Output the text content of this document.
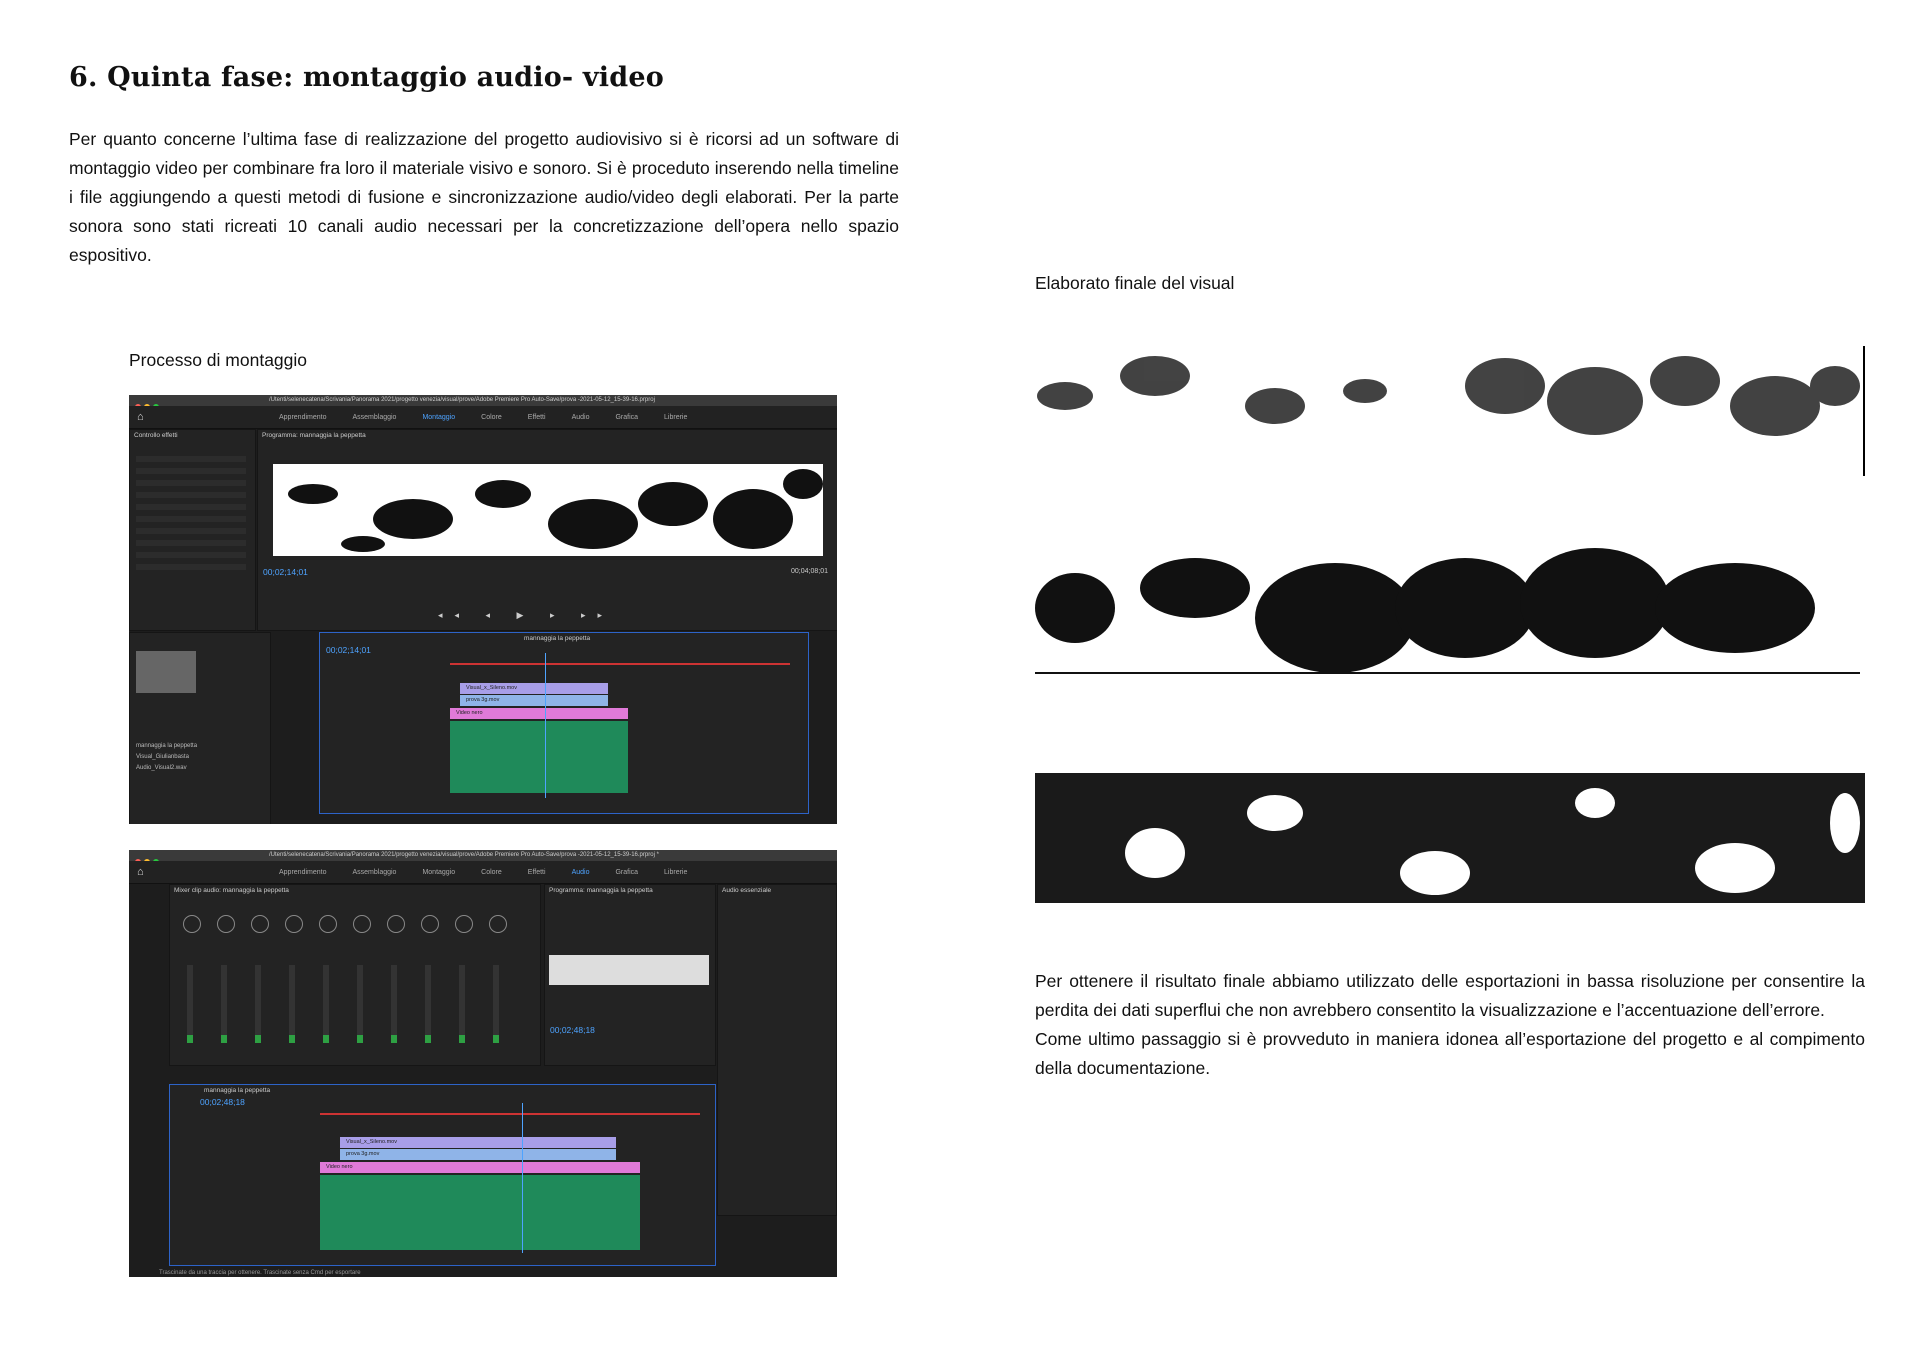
6. Quinta fase: montaggio audio- video
Per quanto concerne l’ultima fase di realizzazione del progetto audiovisivo si è ricorsi ad un software di montaggio video per combinare fra loro il materiale visivo e sonoro. Si è proceduto inserendo nella timeline i file aggiungendo a questi metodi di fusione e sincronizzazione audio/video degli elaborati. Per la parte sonora sono stati ricreati 10 canali audio necessari per la concretizzazione dell’opera nello spazio espositivo.
Processo di montaggio
Elaborato finale del visual
/Utenti/selenecatena/Scrivania/Panorama 2021/progetto venezia/visual/prove/Adobe Premiere Pro Auto-Save/prova -2021-05-12_15-39-16.prproj
⌂	Apprendimento	Assemblaggio	Montaggio	Colore	Effetti	Audio	Grafica	Librerie
Controllo effetti	Programma: mannaggia la peppetta
00;02;14;01	00;04;08;01
◂◂ ◂ ▶ ▸ ▸▸
mannaggia la peppetta
Visual_Giulianbasta
Audio_Visual2.wav
mannaggia la peppetta
00;02;14;01
Visual_x_Sileno.mov
prova 3g.mov
Video nero
/Utenti/selenecatena/Scrivania/Panorama 2021/progetto venezia/visual/prove/Adobe Premiere Pro Auto-Save/prova -2021-05-12_15-39-16.prproj *
⌂	Apprendimento	Assemblaggio	Montaggio	Colore	Effetti	Audio	Grafica	Librerie
Mixer clip audio: mannaggia la peppetta	Programma: mannaggia la peppetta
00;02;48;18
Audio essenziale
mannaggia la peppetta
00;02;48;18
Visual_x_Sileno.mov
prova 3g.mov
Video nero
Trascinate da una traccia per ottenere. Trascinate senza Cmd per esportare

Per ottenere il risultato finale abbiamo utilizzato delle esportazioni in bassa risoluzione per consentire la perdita dei dati superflui che non avrebbero consentito la visualizzazione e l’accentuazione dell’errore.

Come ultimo passaggio si è provveduto in maniera idonea all’esportazione del progetto e al compimento della documentazione.
